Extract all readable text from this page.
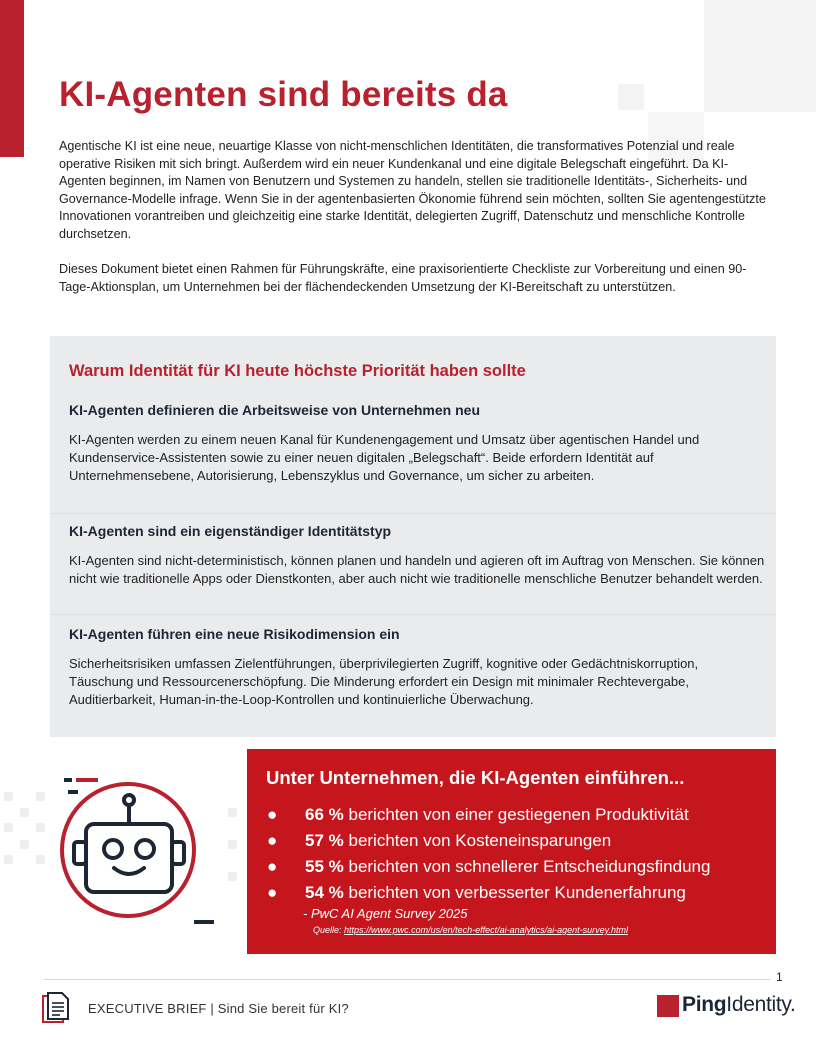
KI-Agenten sind bereits da

Agentische KI ist eine neue, neuartige Klasse von nicht-menschlichen Identitäten, die transformatives Potenzial und reale operative Risiken mit sich bringt. Außerdem wird ein neuer Kundenkanal und eine digitale Belegschaft eingeführt. Da KI-Agenten beginnen, im Namen von Benutzern und Systemen zu handeln, stellen sie traditionelle Identitäts-, Sicherheits- und Governance-Modelle infrage. Wenn Sie in der agentenbasierten Ökonomie führend sein möchten, sollten Sie agentengestützte Innovationen vorantreiben und gleichzeitig eine starke Identität, delegierten Zugriff, Datenschutz und menschliche Kontrolle durchsetzen.

Dieses Dokument bietet einen Rahmen für Führungskräfte, eine praxisorientierte Checkliste zur Vorbereitung und einen 90-Tage-Aktionsplan, um Unternehmen bei der flächendeckenden Umsetzung der KI-Bereitschaft zu unterstützen.

Warum Identität für KI heute höchste Priorität haben sollte
KI-Agenten definieren die Arbeitsweise von Unternehmen neu

KI-Agenten werden zu einem neuen Kanal für Kundenengagement und Umsatz über agentischen Handel und Kundenservice-Assistenten sowie zu einer neuen digitalen „Belegschaft“. Beide erfordern Identität auf Unternehmensebene, Autorisierung, Lebenszyklus und Governance, um sicher zu arbeiten.

KI-Agenten sind ein eigenständiger Identitätstyp

KI-Agenten sind nicht-deterministisch, können planen und handeln und agieren oft im Auftrag von Menschen. Sie können nicht wie traditionelle Apps oder Dienstkonten, aber auch nicht wie traditionelle menschliche Benutzer behandelt werden.

KI-Agenten führen eine neue Risikodimension ein

Sicherheitsrisiken umfassen Zielentführungen, überprivilegierten Zugriff, kognitive oder Gedächtniskorruption, Täuschung und Ressourcenerschöpfung. Die Minderung erfordert ein Design mit minimaler Rechtevergabe, Auditierbarkeit, Human-in-the-Loop-Kontrollen und kontinuierliche Überwachung.

Unter Unternehmen, die KI-Agenten einführen...
● 66 % berichten von einer gestiegenen Produktivität
● 57 % berichten von Kosteneinsparungen
● 55 % berichten von schnellerer Entscheidungsfindung
● 54 % berichten von verbesserter Kundenerfahrung
- PwC AI Agent Survey 2025
Quelle: https://www.pwc.com/us/en/tech-effect/ai-analytics/ai-agent-survey.html
1
EXECUTIVE BRIEF | Sind Sie bereit für KI?	PingIdentity.
